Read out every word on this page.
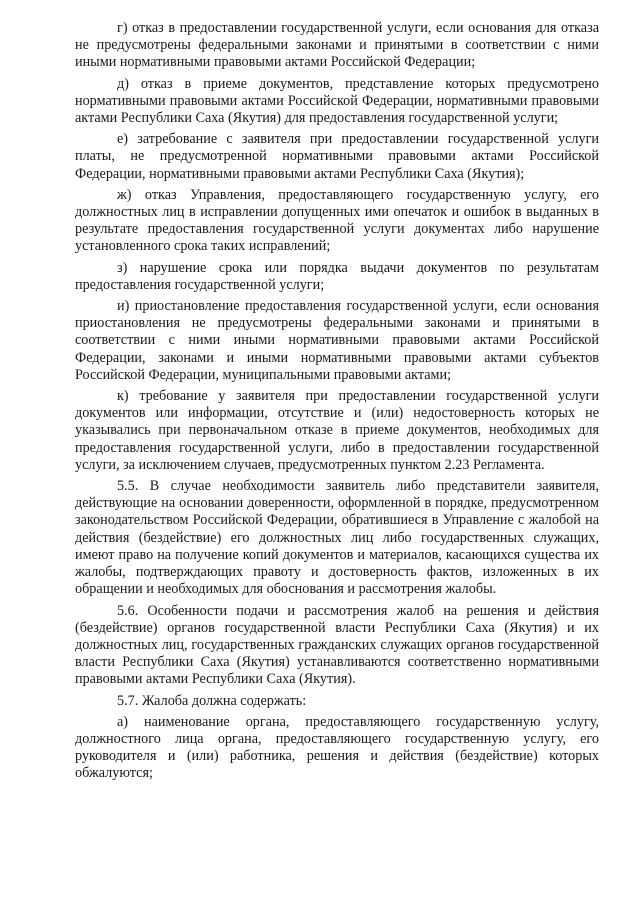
г) отказ в предоставлении государственной услуги, если основания для отказа не предусмотрены федеральными законами и принятыми в соответствии с ними иными нормативными правовыми актами Российской Федерации;

д) отказ в приеме документов, представление которых предусмотрено нормативными правовыми актами Российской Федерации, нормативными правовыми актами Республики Саха (Якутия) для предоставления государственной услуги;

е) затребование с заявителя при предоставлении государственной услуги платы, не предусмотренной нормативными правовыми актами Российской Федерации, нормативными правовыми актами Республики Саха (Якутия);

ж) отказ Управления, предоставляющего государственную услугу, его должностных лиц в исправлении допущенных ими опечаток и ошибок в выданных в результате предоставления государственной услуги документах либо нарушение установленного срока таких исправлений;

з) нарушение срока или порядка выдачи документов по результатам предоставления государственной услуги;

и) приостановление предоставления государственной услуги, если основания приостановления не предусмотрены федеральными законами и принятыми в соответствии с ними иными нормативными правовыми актами Российской Федерации, законами и иными нормативными правовыми актами субъектов Российской Федерации, муниципальными правовыми актами;

к) требование у заявителя при предоставлении государственной услуги документов или информации, отсутствие и (или) недостоверность которых не указывались при первоначальном отказе в приеме документов, необходимых для предоставления государственной услуги, либо в предоставлении государственной услуги, за исключением случаев, предусмотренных пунктом 2.23 Регламента.

5.5. В случае необходимости заявитель либо представители заявителя, действующие на основании доверенности, оформленной в порядке, предусмотренном законодательством Российской Федерации, обратившиеся в Управление с жалобой на действия (бездействие) его должностных лиц либо государственных служащих, имеют право на получение копий документов и материалов, касающихся существа их жалобы, подтверждающих правоту и достоверность фактов, изложенных в их обращении и необходимых для обоснования и рассмотрения жалобы.

5.6. Особенности подачи и рассмотрения жалоб на решения и действия (бездействие) органов государственной власти Республики Саха (Якутия) и их должностных лиц, государственных гражданских служащих органов государственной власти Республики Саха (Якутия) устанавливаются соответственно нормативными правовыми актами Республики Саха (Якутия).

5.7. Жалоба должна содержать:

а) наименование органа, предоставляющего государственную услугу, должностного лица органа, предоставляющего государственную услугу, его руководителя и (или) работника, решения и действия (бездействие) которых обжалуются;
